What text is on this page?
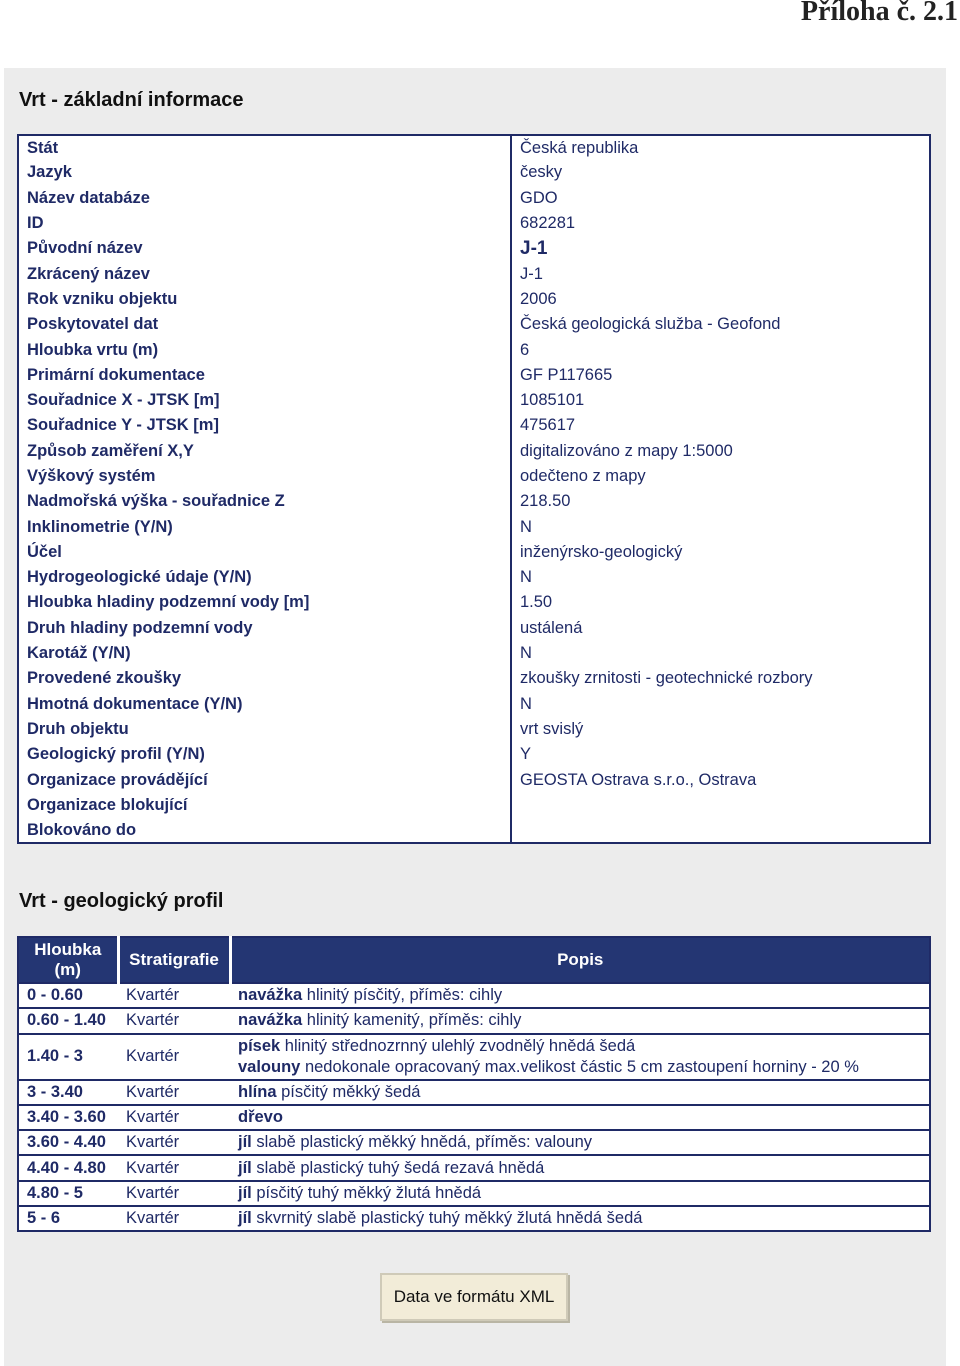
Příloha č. 2.1
Vrt - základní informace
Stát	Česká republika
Jazyk	česky
Název databáze	GDO
ID	682281
Původní název	J-1
Zkrácený název	J-1
Rok vzniku objektu	2006
Poskytovatel dat	Česká geologická služba - Geofond
Hloubka vrtu (m)	6
Primární dokumentace	GF P117665
Souřadnice X - JTSK [m]	1085101
Souřadnice Y - JTSK [m]	475617
Způsob zaměření X,Y	digitalizováno z mapy 1:5000
Výškový systém	odečteno z mapy
Nadmořská výška - souřadnice Z	218.50
Inklinometrie (Y/N)	N
Účel	inženýrsko-geologický
Hydrogeologické údaje (Y/N)	N
Hloubka hladiny podzemní vody [m]	1.50
Druh hladiny podzemní vody	ustálená
Karotáž (Y/N)	N
Provedené zkoušky	zkoušky zrnitosti - geotechnické rozbory
Hmotná dokumentace (Y/N)	N
Druh objektu	vrt svislý
Geologický profil (Y/N)	Y
Organizace provádějící	GEOSTA Ostrava s.r.o., Ostrava
Organizace blokující	
Blokováno do	
Vrt - geologický profil
Hloubka (m)	Stratigrafie	Popis
0 - 0.60	Kvartér	navážka hlinitý písčitý, příměs: cihly

0.60 - 1.40	Kvartér	navážka hlinitý kamenitý, příměs: cihly

1.40 - 3	Kvartér	písek hlinitý střednozrnný ulehlý zvodnělý hnědá šedá
valouny nedokonale opracovaný max.velikost částic 5 cm zastoupení horniny - 20 %

3 - 3.40	Kvartér	hlína písčitý měkký šedá

3.40 - 3.60	Kvartér	dřevo

3.60 - 4.40	Kvartér	jíl slabě plastický měkký hnědá, příměs: valouny

4.40 - 4.80	Kvartér	jíl slabě plastický tuhý šedá rezavá hnědá

4.80 - 5	Kvartér	jíl písčitý tuhý měkký žlutá hnědá

5 - 6	Kvartér	jíl skvrnitý slabě plastický tuhý měkký žlutá hnědá šedá
Data ve formátu XML
